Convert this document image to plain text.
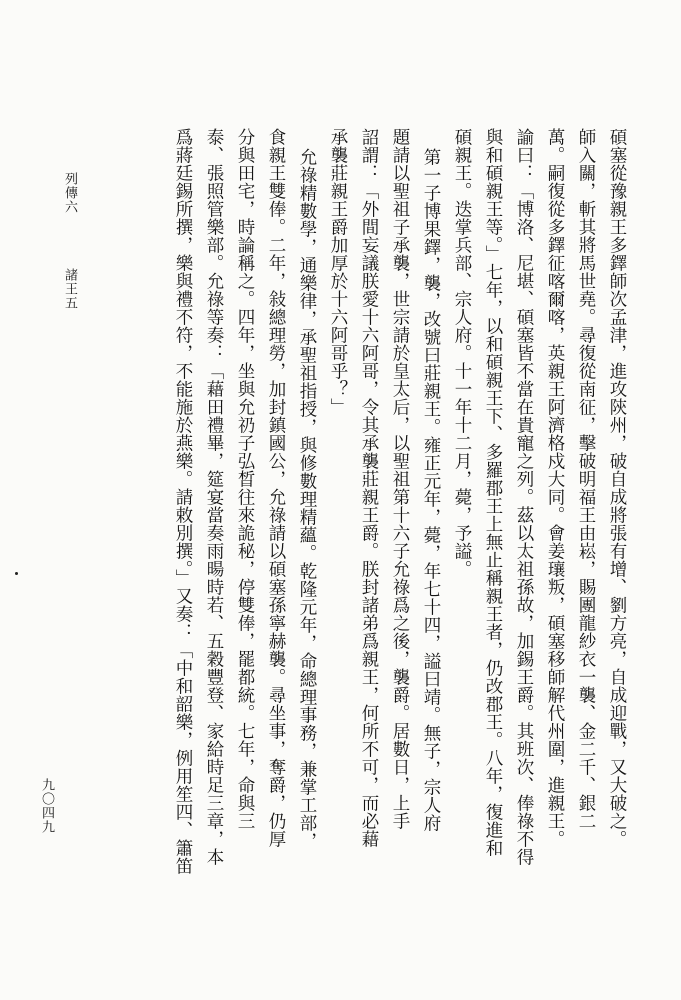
碩塞從豫親王多鐸師次孟津，進攻陝州，破自成將張有增、劉方亮，自成迎戰，又大破之。
師入關，斬其將馬世堯。尋復從南征，擊破明福王由崧，賜團龍紗衣一襲、金二千、銀二
萬。嗣復從多鐸征喀爾喀，英親王阿濟格戍大同。會姜瓖叛，碩塞移師解代州圍，進親王。
諭曰：「博洛、尼堪、碩塞皆不當在貴寵之列。茲以太祖孫故，加錫王爵。其班次、俸祿不得
與和碩親王等。」七年，以和碩親王下、多羅郡王上無止稱親王者，仍改郡王。八年，復進和
碩親王。迭掌兵部、宗人府。十一年十二月，薨，予謚。
第一子博果鐸，襲，改號曰莊親王。雍正元年，薨，年七十四，謚曰靖。無子，宗人府
題請以聖祖子承襲，世宗請於皇太后，以聖祖第十六子允祿爲之後，襲爵。居數日，上手
詔謂：「外間妄議朕愛十六阿哥，令其承襲莊親王爵。朕封諸弟爲親王，何所不可，而必藉
承襲莊親王爵加厚於十六阿哥乎？」
允祿精數學，通樂律，承聖祖指授，與修數理精蘊。乾隆元年，命總理事務，兼掌工部，
食親王雙俸。二年，敍總理勞，加封鎮國公，允祿請以碩塞孫寧赫襲。尋坐事，奪爵，仍厚
分與田宅，時論稱之。四年，坐與允礽子弘晳往來詭秘，停雙俸，罷都統。七年，命與三
泰、張照管樂部。允祿等奏：「藉田禮畢，筵宴當奏雨暘時若、五穀豐登、家給時足三章，本
爲蔣廷錫所撰，樂與禮不符，不能施於燕樂。請敕別撰。」又奏：「中和韶樂，例用笙四、簫笛
列傳六
諸王五
九〇四九
